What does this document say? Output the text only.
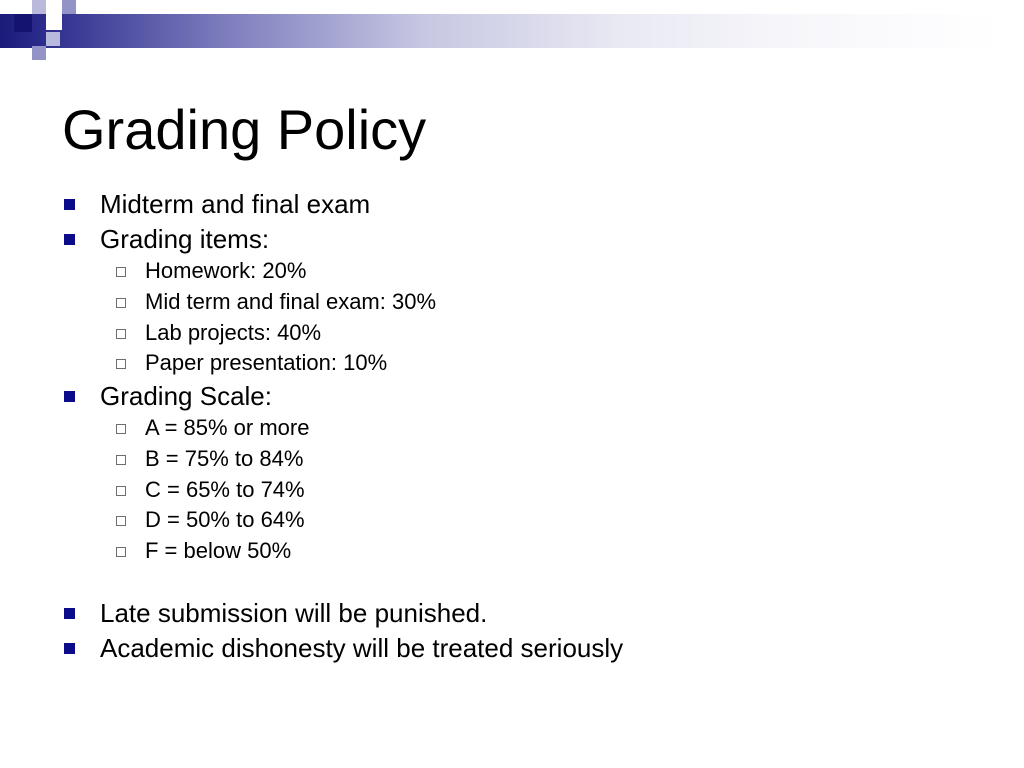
Grading Policy
Midterm and final exam
Grading items:
Homework: 20%
Mid term and final exam: 30%
Lab projects: 40%
Paper presentation: 10%
Grading Scale:
A = 85% or more
B = 75% to 84%
C = 65% to 74%
D = 50% to 64%
F = below 50%
Late submission will be punished.
Academic dishonesty will be treated seriously
